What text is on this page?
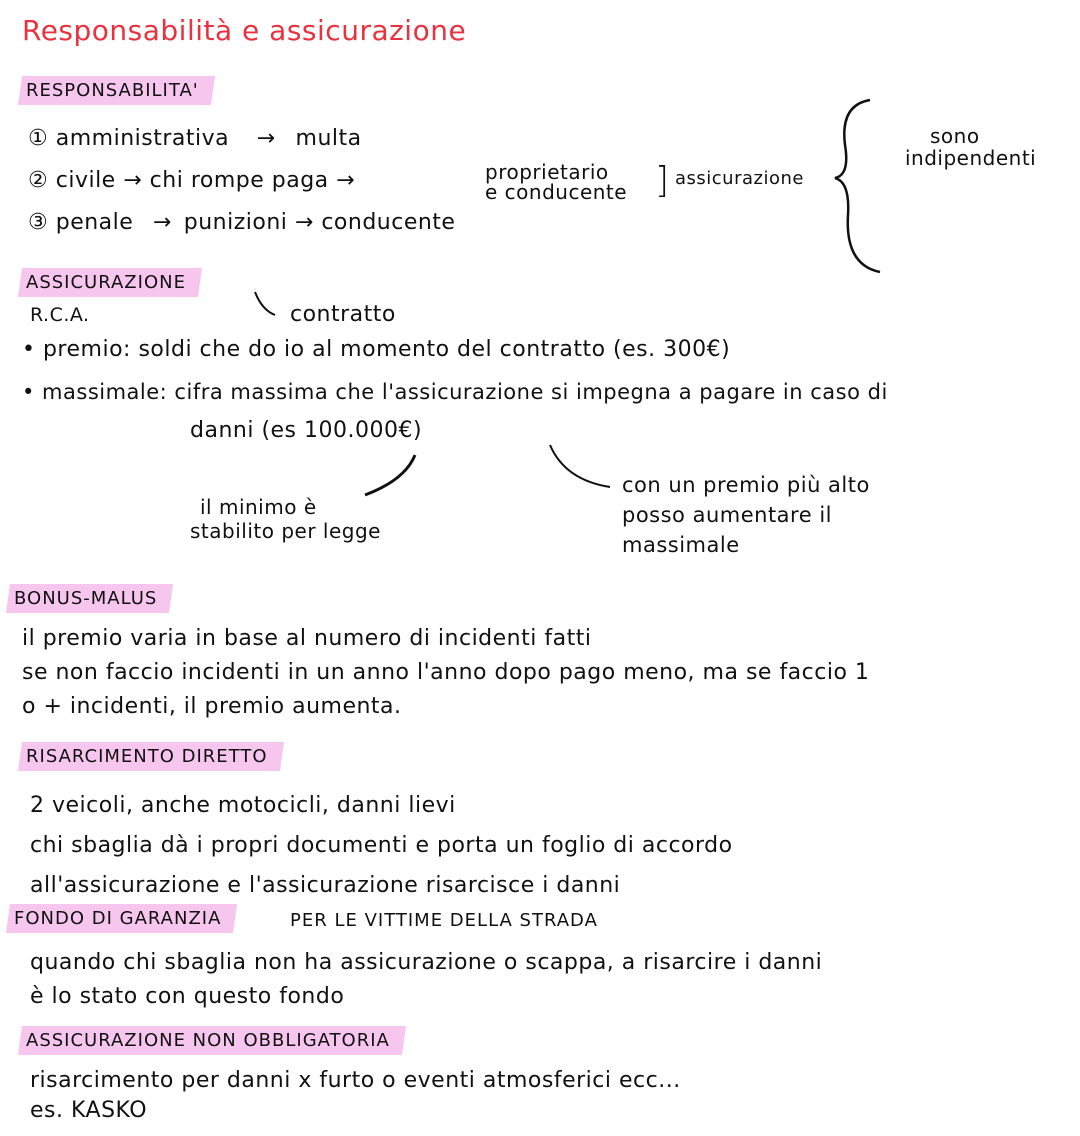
Responsabilità e assicurazione
RESPONSABILITA'
① amministrativa → multa
② civile → chi rompe paga →	proprietario
e conducente ] assicurazione
③ penale → punizioni → conducente
sono
indipendenti
ASSICURAZIONE
R.C.A.	contratto
• premio: soldi che do io al momento del contratto (es. 300€)
• massimale: cifra massima che l'assicurazione si impegna a pagare in caso di
danni (es 100.000€)
il minimo è
stabilito per legge
con un premio più alto
posso aumentare il
massimale
BONUS-MALUS
il premio varia in base al numero di incidenti fatti
se non faccio incidenti in un anno l'anno dopo pago meno, ma se faccio 1
o + incidenti, il premio aumenta.
RISARCIMENTO DIRETTO
2 veicoli, anche motocicli, danni lievi
chi sbaglia dà i propri documenti e porta un foglio di accordo
all'assicurazione e l'assicurazione risarcisce i danni
FONDO DI GARANZIA	PER LE VITTIME DELLA STRADA
quando chi sbaglia non ha assicurazione o scappa, a risarcire i danni
è lo stato con questo fondo
ASSICURAZIONE NON OBBLIGATORIA
risarcimento per danni x furto o eventi atmosferici ecc...
es. KASKO
